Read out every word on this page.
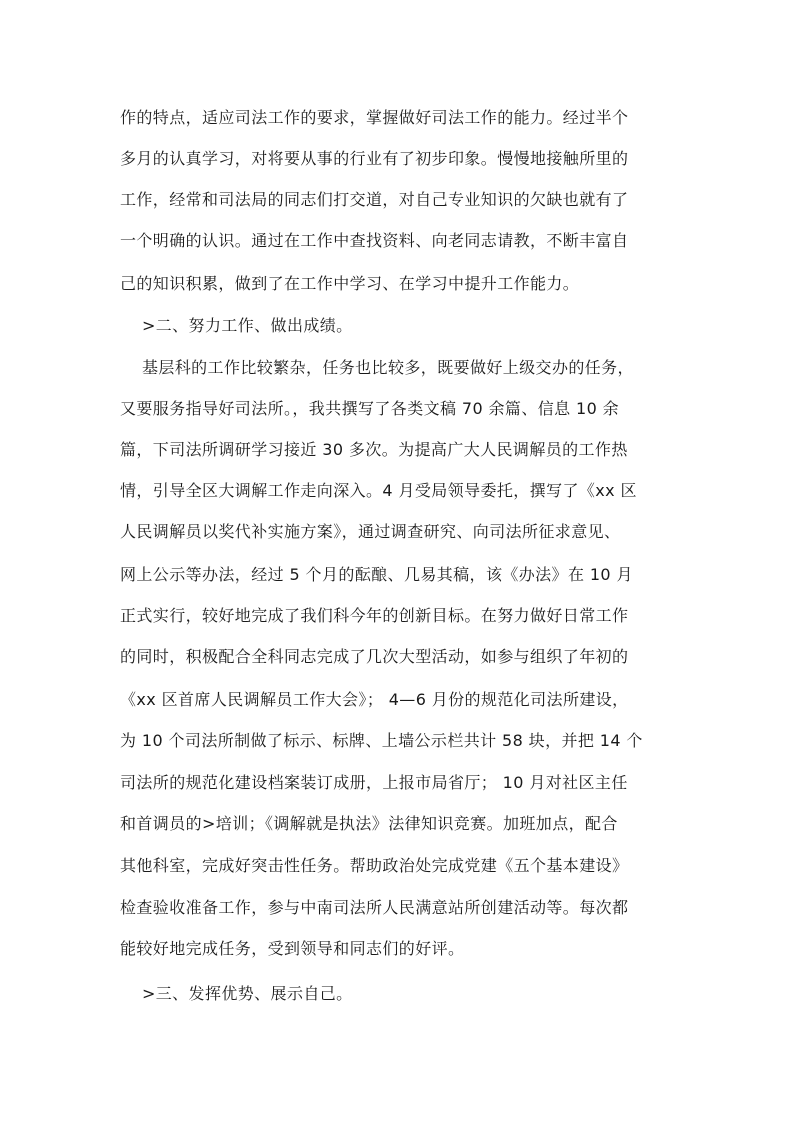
作的特点，适应司法工作的要求，掌握做好司法工作的能力。经过半个
多月的认真学习，对将要从事的行业有了初步印象。慢慢地接触所里的
工作，经常和司法局的同志们打交道，对自己专业知识的欠缺也就有了
一个明确的认识。通过在工作中查找资料、向老同志请教，不断丰富自
己的知识积累，做到了在工作中学习、在学习中提升工作能力。
>二、努力工作、做出成绩。
基层科的工作比较繁杂，任务也比较多，既要做好上级交办的任务，
又要服务指导好司法所。，我共撰写了各类文稿 70 余篇、信息 10 余
篇，下司法所调研学习接近 30 多次。为提高广大人民调解员的工作热
情，引导全区大调解工作走向深入。4 月受局领导委托，撰写了《xx 区
人民调解员以奖代补实施方案》，通过调查研究、向司法所征求意见、
网上公示等办法，经过 5 个月的酝酿、几易其稿，该《办法》在 10 月
正式实行，较好地完成了我们科今年的创新目标。在努力做好日常工作
的同时，积极配合全科同志完成了几次大型活动，如参与组织了年初的
《xx 区首席人民调解员工作大会》； 4—6 月份的规范化司法所建设，
为 10 个司法所制做了标示、标牌、上墙公示栏共计 58 块，并把 14 个
司法所的规范化建设档案装订成册，上报市局省厅； 10 月对社区主任
和首调员的>培训；《调解就是执法》法律知识竞赛。加班加点，配合
其他科室，完成好突击性任务。帮助政治处完成党建《五个基本建设》
检查验收准备工作，参与中南司法所人民满意站所创建活动等。每次都
能较好地完成任务，受到领导和同志们的好评。
>三、发挥优势、展示自己。
